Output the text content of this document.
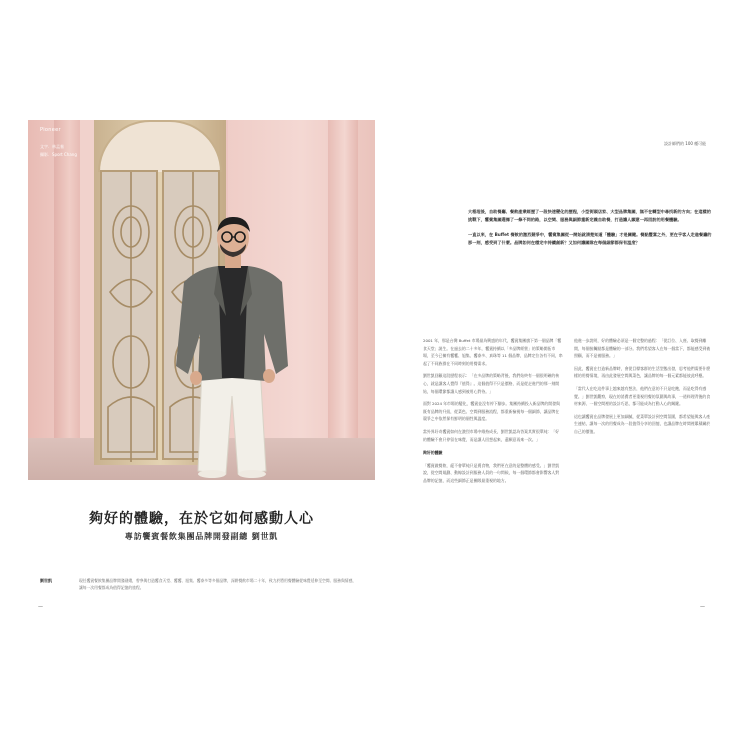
Pioneer
文字．林孟蓁
攝影．Sport Chang
夠好的體驗，在於它如何感動人心
專訪饗賓餐飲集團品牌開發副總 劉世凱
劉世凱	現任饗賓餐飲集團品牌開發副總，曾參與打造饗食天堂、饗饗、旭集、饗泰多等多個品牌，深耕餐飲市場二十年，致力於將用餐體驗從味覺延伸至空間、服務與情感，讓每一次用餐都成為值得記憶的旅程。
—
設計師們的 100 種可能

大稻埕後，自助餐廳、餐飲產業經歷了一段快速變化的歷程，小型街頭店家、大型品牌集團，無不在轉型中尋找新的方向；在這樣的挑戰下，饗賓集團選擇了一條不同的路，以空間、服務與細節重新定義自助餐，打造讓人願意一再回訪的用餐體驗。

一直以來，在 Buffet 餐飲的激烈競爭中，饗賓集團從一開始就清楚知道「體驗」才是關鍵。餐點豐富之外，更在乎客人走進餐廳的那一刻，感受到了什麼。品牌如何在穩定中持續創新？又如何讓團隊在每個細節都保有溫度？

2001 年，那是台灣 Buffet 市場最為興盛的年代，饗賓集團旗下第一個品牌「饗食天堂」誕生。在過去的二十多年，饗賓持續以「多品牌經營」的策略開拓市場，至今已擁有饗饗、旭集、饗泰多、真珠等 11 個品牌，品牌定位各有不同，串起了不同族群在不同時刻的用餐需求。

劉世凱回顧這段歷程表示：「在多品牌的策略背後，我們始終有一個很明確的核心，就是讓客人覺得『值得』。這個值得不只是價格，而是從走進門的那一刻開始，每個環節都讓人感到被用心對待。」

面對 2024 年市場的變化，饗賓並沒有停下腳步。集團持續投入新品牌的開發與既有品牌的升級，從菜色、空間到服務流程，都重新檢視每一個細節，讓品牌在競爭之中依然保有鮮明的個性與溫度。

當外界好奇饗賓如何在激烈市場中維持成長，劉世凱認為答案其實很單純：「好的體驗不會只停留在味覺，而是讓人回想起來，還願意再來一次。」

夠好的體驗

「饗賓做餐飲，絕不會單純只是賣食物，我們更在意的是整體的感受。」劉世凱說，從空間規劃、動線設計到服務人員的一句問候，每一個環節都會影響客人對品牌的記憶，而這些細節正是團隊最重視的地方。

他進一步說明，好的體驗必須是一個完整的過程：「從訂位、入座、取餐到離開，每個接觸點都是體驗的一部分。我們希望客人在每一個當下，都能感受到被照顧，而不是被服務。」

因此，饗賓在打造新品牌時，會從目標客群的生活型態出發，思考他們需要什麼樣的用餐情境，再由此發展空間與菜色，讓品牌的每一個元素都能彼此呼應。

「當代人在吃這件事上越來越有想法，他們在意的不只是吃飽，而是吃得有感覺。」劉世凱觀察，現在的消費者更重視用餐的氛圍與故事，一道料理背後的食材來源、一個空間裡的設計巧思，都可能成為打動人心的關鍵。

這也讓饗賓在品牌發展上更加細膩，從菜單設計到空間氛圍，都希望能與客人產生連結，讓每一次的用餐成為一段值得分享的回憶，也讓品牌在時間裡累積屬於自己的價值。

—
